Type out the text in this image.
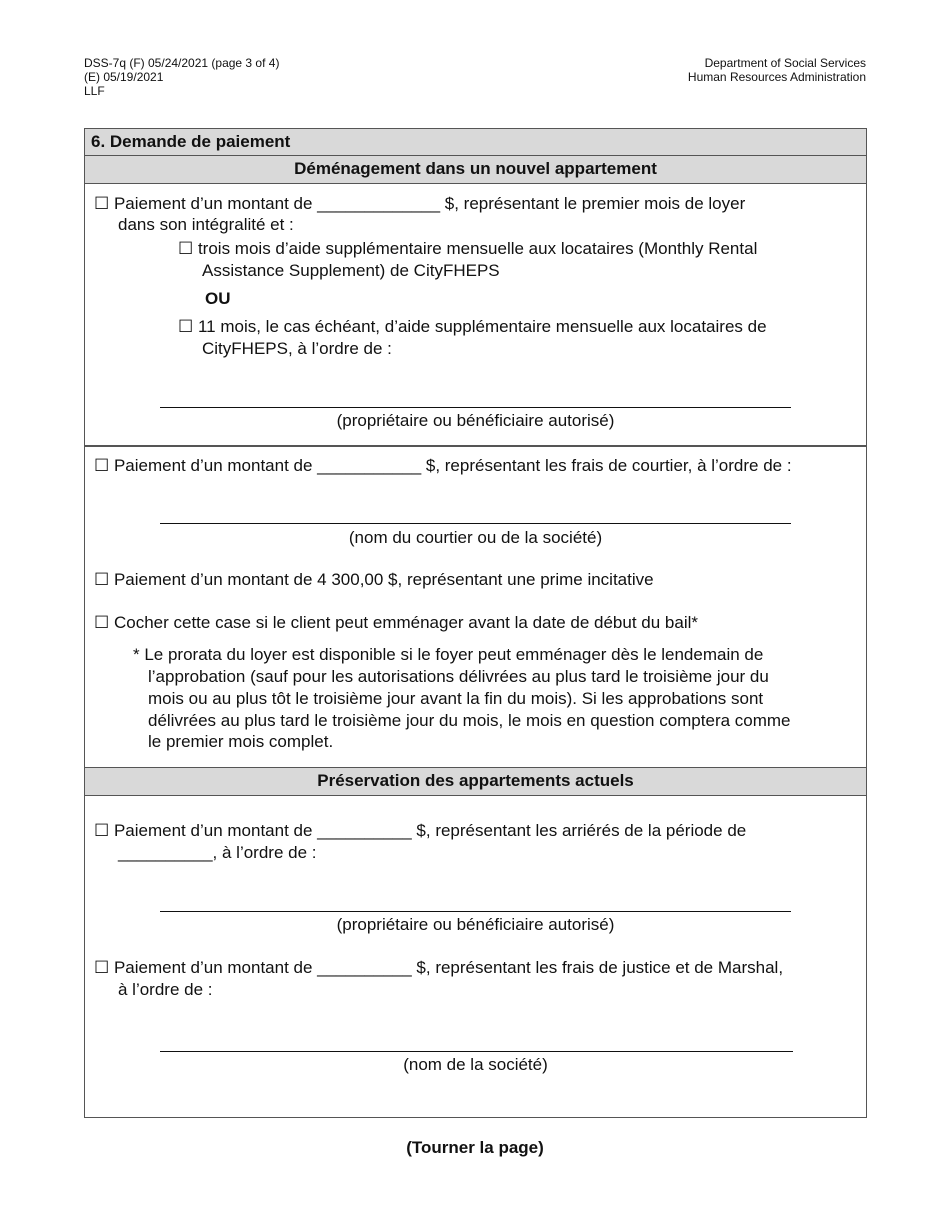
DSS-7q (F) 05/24/2021 (page 3 of 4)
(E) 05/19/2021
LLF
Department of Social Services
Human Resources Administration
6. Demande de paiement
Déménagement dans un nouvel appartement
☐ Paiement d’un montant de _____________ $, représentant le premier mois de loyer
dans son intégralité et :
☐ trois mois d’aide supplémentaire mensuelle aux locataires (Monthly Rental
Assistance Supplement) de CityFHEPS
OU
☐ 11 mois, le cas échéant, d’aide supplémentaire mensuelle aux locataires de
CityFHEPS, à l’ordre de :
(propriétaire ou bénéficiaire autorisé)
☐ Paiement d’un montant de ___________ $, représentant les frais de courtier, à l’ordre de :
(nom du courtier ou de la société)
☐ Paiement d’un montant de 4 300,00 $, représentant une prime incitative
☐ Cocher cette case si le client peut emménager avant la date de début du bail*
* Le prorata du loyer est disponible si le foyer peut emménager dès le lendemain de
l’approbation (sauf pour les autorisations délivrées au plus tard le troisième jour du
mois ou au plus tôt le troisième jour avant la fin du mois). Si les approbations sont
délivrées au plus tard le troisième jour du mois, le mois en question comptera comme
le premier mois complet.
Préservation des appartements actuels
☐ Paiement d’un montant de __________ $, représentant les arriérés de la période de
__________, à l’ordre de :
(propriétaire ou bénéficiaire autorisé)
☐ Paiement d’un montant de __________ $, représentant les frais de justice et de Marshal,
à l’ordre de :
(nom de la société)
(Tourner la page)
